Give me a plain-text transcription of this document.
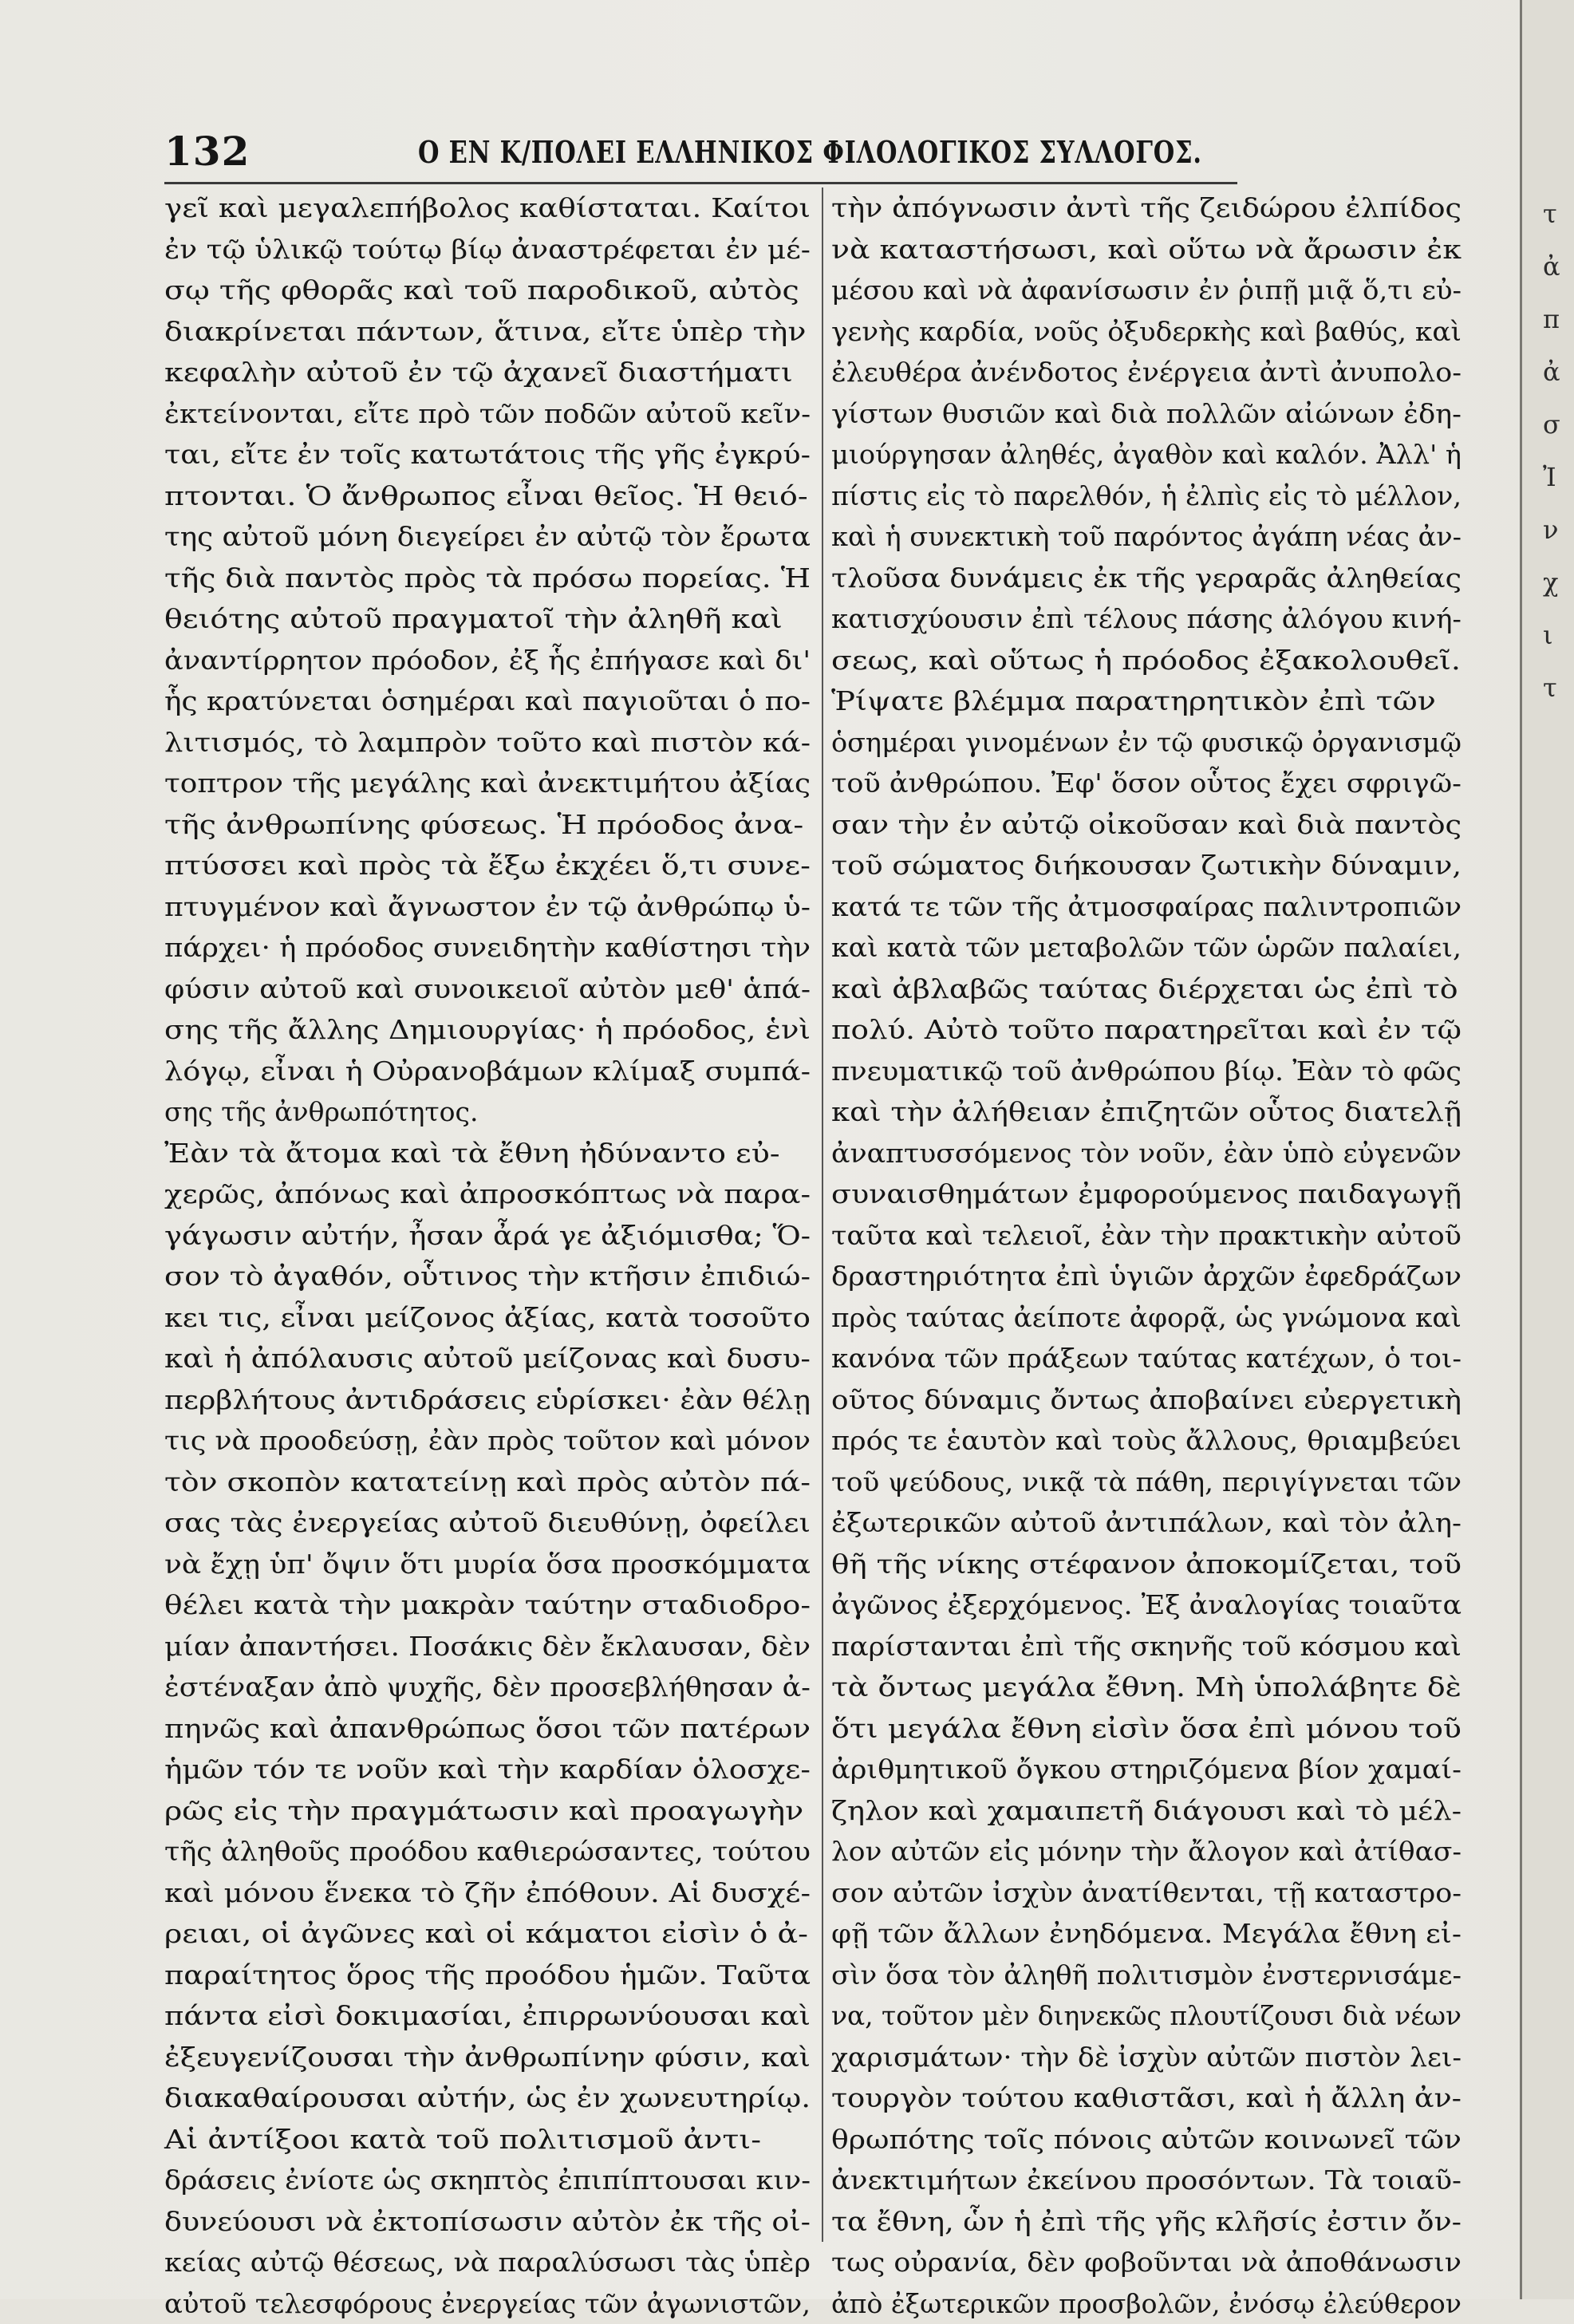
132	Ο ΕΝ Κ/ΠΟΛΕΙ ΕΛΛΗΝΙΚΟΣ ΦΙΛΟΛΟΓΙΚΟΣ ΣΥΛΛΟΓΟΣ.
γεῖ καὶ μεγαλεπήβολος καθίσταται. Καίτοι
ἐν τῷ ὑλικῷ τούτῳ βίῳ ἀναστρέφεται ἐν μέ-
σῳ τῆς φθορᾶς καὶ τοῦ παροδικοῦ, αὐτὸς
διακρίνεται πάντων, ἅτινα, εἴτε ὑπὲρ τὴν
κεφαλὴν αὐτοῦ ἐν τῷ ἀχανεῖ διαστήματι
ἐκτείνονται, εἴτε πρὸ τῶν ποδῶν αὐτοῦ κεῖν-
ται, εἴτε ἐν τοῖς κατωτάτοις τῆς γῆς ἐγκρύ-
πτονται. Ὁ ἄνθρωπος εἶναι θεῖος. Ἡ θειό-
της αὐτοῦ μόνη διεγείρει ἐν αὐτῷ τὸν ἔρωτα
τῆς διὰ παντὸς πρὸς τὰ πρόσω πορείας. Ἡ
θειότης αὐτοῦ πραγματοῖ τὴν ἀληθῆ καὶ
ἀναντίρρητον πρόοδον, ἐξ ἧς ἐπήγασε καὶ δι'
ἧς κρατύνεται ὁσημέραι καὶ παγιοῦται ὁ πο-
λιτισμός, τὸ λαμπρὸν τοῦτο καὶ πιστὸν κά-
τοπτρον τῆς μεγάλης καὶ ἀνεκτιμήτου ἀξίας
τῆς ἀνθρωπίνης φύσεως. Ἡ πρόοδος ἀνα-
πτύσσει καὶ πρὸς τὰ ἔξω ἐκχέει ὅ,τι συνε-
πτυγμένον καὶ ἄγνωστον ἐν τῷ ἀνθρώπῳ ὑ-
πάρχει· ἡ πρόοδος συνειδητὴν καθίστησι τὴν
φύσιν αὐτοῦ καὶ συνοικειοῖ αὐτὸν μεθ' ἁπά-
σης τῆς ἄλλης Δημιουργίας· ἡ πρόοδος, ἑνὶ
λόγῳ, εἶναι ἡ Οὐρανοβάμων κλίμαξ συμπά-
σης τῆς ἀνθρωπότητος.
Ἐὰν τὰ ἄτομα καὶ τὰ ἔθνη ἠδύναντο εὐ-
χερῶς, ἀπόνως καὶ ἀπροσκόπτως νὰ παρα-
γάγωσιν αὐτήν, ἦσαν ἆρά γε ἀξιόμισθα; Ὅ-
σον τὸ ἀγαθόν, οὗτινος τὴν κτῆσιν ἐπιδιώ-
κει τις, εἶναι μείζονος ἀξίας, κατὰ τοσοῦτο
καὶ ἡ ἀπόλαυσις αὐτοῦ μείζονας καὶ δυσυ-
περβλήτους ἀντιδράσεις εὑρίσκει· ἐὰν θέλῃ
τις νὰ προοδεύσῃ, ἐὰν πρὸς τοῦτον καὶ μόνον
τὸν σκοπὸν κατατείνῃ καὶ πρὸς αὐτὸν πά-
σας τὰς ἐνεργείας αὐτοῦ διευθύνῃ, ὀφείλει
νὰ ἔχῃ ὑπ' ὄψιν ὅτι μυρία ὅσα προσκόμματα
θέλει κατὰ τὴν μακρὰν ταύτην σταδιοδρο-
μίαν ἀπαντήσει. Ποσάκις δὲν ἔκλαυσαν, δὲν
ἐστέναξαν ἀπὸ ψυχῆς, δὲν προσεβλήθησαν ἀ-
πηνῶς καὶ ἀπανθρώπως ὅσοι τῶν πατέρων
ἡμῶν τόν τε νοῦν καὶ τὴν καρδίαν ὁλοσχε-
ρῶς εἰς τὴν πραγμάτωσιν καὶ προαγωγὴν
τῆς ἀληθοῦς προόδου καθιερώσαντες, τούτου
καὶ μόνου ἕνεκα τὸ ζῆν ἐπόθουν. Αἱ δυσχέ-
ρειαι, οἱ ἀγῶνες καὶ οἱ κάματοι εἰσὶν ὁ ἀ-
παραίτητος ὅρος τῆς προόδου ἡμῶν. Ταῦτα
πάντα εἰσὶ δοκιμασίαι, ἐπιρρωνύουσαι καὶ
ἐξευγενίζουσαι τὴν ἀνθρωπίνην φύσιν, καὶ
διακαθαίρουσαι αὐτήν, ὡς ἐν χωνευτηρίῳ.
Αἱ ἀντίξοοι κατὰ τοῦ πολιτισμοῦ ἀντι-
δράσεις ἐνίοτε ὡς σκηπτὸς ἐπιπίπτουσαι κιν-
δυνεύουσι νὰ ἐκτοπίσωσιν αὐτὸν ἐκ τῆς οἰ-
κείας αὐτῷ θέσεως, νὰ παραλύσωσι τὰς ὑπὲρ
αὐτοῦ τελεσφόρους ἐνεργείας τῶν ἀγωνιστῶν,
τὴν ἀπόγνωσιν ἀντὶ τῆς ζειδώρου ἐλπίδος
νὰ καταστήσωσι, καὶ οὕτω νὰ ἄρωσιν ἐκ
μέσου καὶ νὰ ἀφανίσωσιν ἐν ῥιπῇ μιᾷ ὅ,τι εὐ-
γενὴς καρδία, νοῦς ὀξυδερκὴς καὶ βαθύς, καὶ
ἐλευθέρα ἀνένδοτος ἐνέργεια ἀντὶ ἀνυπολο-
γίστων θυσιῶν καὶ διὰ πολλῶν αἰώνων ἐδη-
μιούργησαν ἀληθές, ἀγαθὸν καὶ καλόν. Ἀλλ' ἡ
πίστις εἰς τὸ παρελθόν, ἡ ἐλπὶς εἰς τὸ μέλλον,
καὶ ἡ συνεκτικὴ τοῦ παρόντος ἀγάπη νέας ἀν-
τλοῦσα δυνάμεις ἐκ τῆς γεραρᾶς ἀληθείας
κατισχύουσιν ἐπὶ τέλους πάσης ἀλόγου κινή-
σεως, καὶ οὕτως ἡ πρόοδος ἐξακολουθεῖ.
Ῥίψατε βλέμμα παρατηρητικὸν ἐπὶ τῶν
ὁσημέραι γινομένων ἐν τῷ φυσικῷ ὀργανισμῷ
τοῦ ἀνθρώπου. Ἐφ' ὅσον οὗτος ἔχει σφριγῶ-
σαν τὴν ἐν αὐτῷ οἰκοῦσαν καὶ διὰ παντὸς
τοῦ σώματος διήκουσαν ζωτικὴν δύναμιν,
κατά τε τῶν τῆς ἀτμοσφαίρας παλιντροπιῶν
καὶ κατὰ τῶν μεταβολῶν τῶν ὡρῶν παλαίει,
καὶ ἀβλαβῶς ταύτας διέρχεται ὡς ἐπὶ τὸ
πολύ. Αὐτὸ τοῦτο παρατηρεῖται καὶ ἐν τῷ
πνευματικῷ τοῦ ἀνθρώπου βίῳ. Ἐὰν τὸ φῶς
καὶ τὴν ἀλήθειαν ἐπιζητῶν οὗτος διατελῇ
ἀναπτυσσόμενος τὸν νοῦν, ἐὰν ὑπὸ εὐγενῶν
συναισθημάτων ἐμφορούμενος παιδαγωγῇ
ταῦτα καὶ τελειοῖ, ἐὰν τὴν πρακτικὴν αὐτοῦ
δραστηριότητα ἐπὶ ὑγιῶν ἀρχῶν ἐφεδράζων
πρὸς ταύτας ἀείποτε ἀφορᾷ, ὡς γνώμονα καὶ
κανόνα τῶν πράξεων ταύτας κατέχων, ὁ τοι-
οῦτος δύναμις ὄντως ἀποβαίνει εὐεργετικὴ
πρός τε ἑαυτὸν καὶ τοὺς ἄλλους, θριαμβεύει
τοῦ ψεύδους, νικᾷ τὰ πάθη, περιγίγνεται τῶν
ἐξωτερικῶν αὐτοῦ ἀντιπάλων, καὶ τὸν ἀλη-
θῆ τῆς νίκης στέφανον ἀποκομίζεται, τοῦ
ἀγῶνος ἐξερχόμενος. Ἐξ ἀναλογίας τοιαῦτα
παρίστανται ἐπὶ τῆς σκηνῆς τοῦ κόσμου καὶ
τὰ ὄντως μεγάλα ἔθνη. Μὴ ὑπολάβητε δὲ
ὅτι μεγάλα ἔθνη εἰσὶν ὅσα ἐπὶ μόνου τοῦ
ἀριθμητικοῦ ὄγκου στηριζόμενα βίον χαμαί-
ζηλον καὶ χαμαιπετῆ διάγουσι καὶ τὸ μέλ-
λον αὐτῶν εἰς μόνην τὴν ἄλογον καὶ ἀτίθασ-
σον αὐτῶν ἰσχὺν ἀνατίθενται, τῇ καταστρο-
φῇ τῶν ἄλλων ἐνηδόμενα. Μεγάλα ἔθνη εἰ-
σὶν ὅσα τὸν ἀληθῆ πολιτισμὸν ἐνστερνισάμε-
να, τοῦτον μὲν διηνεκῶς πλουτίζουσι διὰ νέων
χαρισμάτων· τὴν δὲ ἰσχὺν αὐτῶν πιστὸν λει-
τουργὸν τούτου καθιστᾶσι, καὶ ἡ ἄλλη ἀν-
θρωπότης τοῖς πόνοις αὐτῶν κοινωνεῖ τῶν
ἀνεκτιμήτων ἐκείνου προσόντων. Τὰ τοιαῦ-
τα ἔθνη, ὧν ἡ ἐπὶ τῆς γῆς κλῆσίς ἐστιν ὄν-
τως οὐρανία, δὲν φοβοῦνται νὰ ἀποθάνωσιν
ἀπὸ ἐξωτερικῶν προσβολῶν, ἐνόσῳ ἐλεύθερον
τ
ἀ
π
ἀ
σ
Ἰ
ν
χ
ι
τ
